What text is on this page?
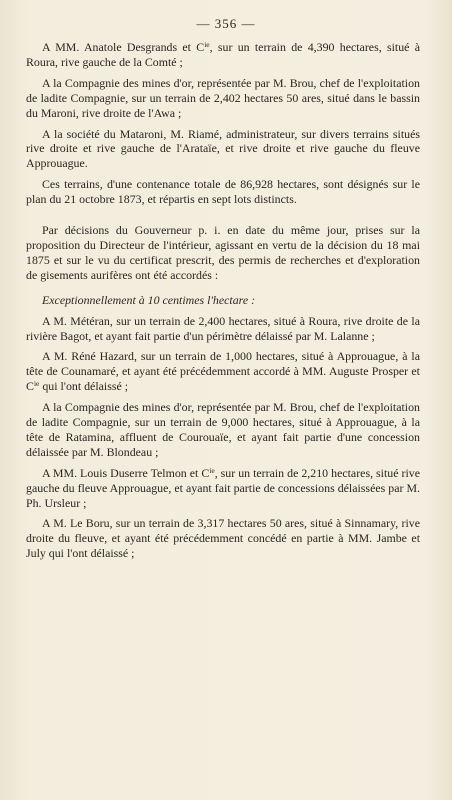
— 356 —

A MM. Anatole Desgrands et $C^{ie}$, sur un terrain de 4,390 hectares, situé à Roura, rive gauche de la Comté ;

A la Compagnie des mines d'or, représentée par M. Brou, chef de l'exploitation de ladite Compagnie, sur un terrain de 2,402 hectares 50 ares, situé dans le bassin du Maroni, rive droite de l'Awa ;

A la société du Mataroni, M. Riamé, administrateur, sur divers terrains situés rive droite et rive gauche de l'Arataïe, et rive droite et rive gauche du fleuve Approuague.

Ces terrains, d'une contenance totale de 86,928 hectares, sont désignés sur le plan du 21 octobre 1873, et répartis en sept lots distincts.

Par décisions du Gouverneur p. i. en date du même jour, prises sur la proposition du Directeur de l'intérieur, agissant en vertu de la décision du 18 mai 1875 et sur le vu du certificat prescrit, des permis de recherches et d'exploration de gisements aurifères ont été accordés :

Exceptionnellement à 10 centimes l'hectare :

A M. Météran, sur un terrain de 2,400 hectares, situé à Roura, rive droite de la rivière Bagot, et ayant fait partie d'un périmètre délaissé par M. Lalanne ;

A M. Réné Hazard, sur un terrain de 1,000 hectares, situé à Approuague, à la tête de Counamaré, et ayant été précédemment accordé à MM. Auguste Prosper et $C^{ie}$ qui l'ont délaissé ;

A la Compagnie des mines d'or, représentée par M. Brou, chef de l'exploitation de ladite Compagnie, sur un terrain de 9,000 hectares, situé à Approuague, à la tête de Ratamina, affluent de Courouaïe, et ayant fait partie d'une concession délaissée par M. Blondeau ;

A MM. Louis Duserre Telmon et $C^{ie}$, sur un terrain de 2,210 hectares, situé rive gauche du fleuve Approuague, et ayant fait partie de concessions délaissées par M. Ph. Ursleur ;

A M. Le Boru, sur un terrain de 3,317 hectares 50 ares, situé à Sinnamary, rive droite du fleuve, et ayant été précédemment concédé en partie à MM. Jambe et July qui l'ont délaissé ;
